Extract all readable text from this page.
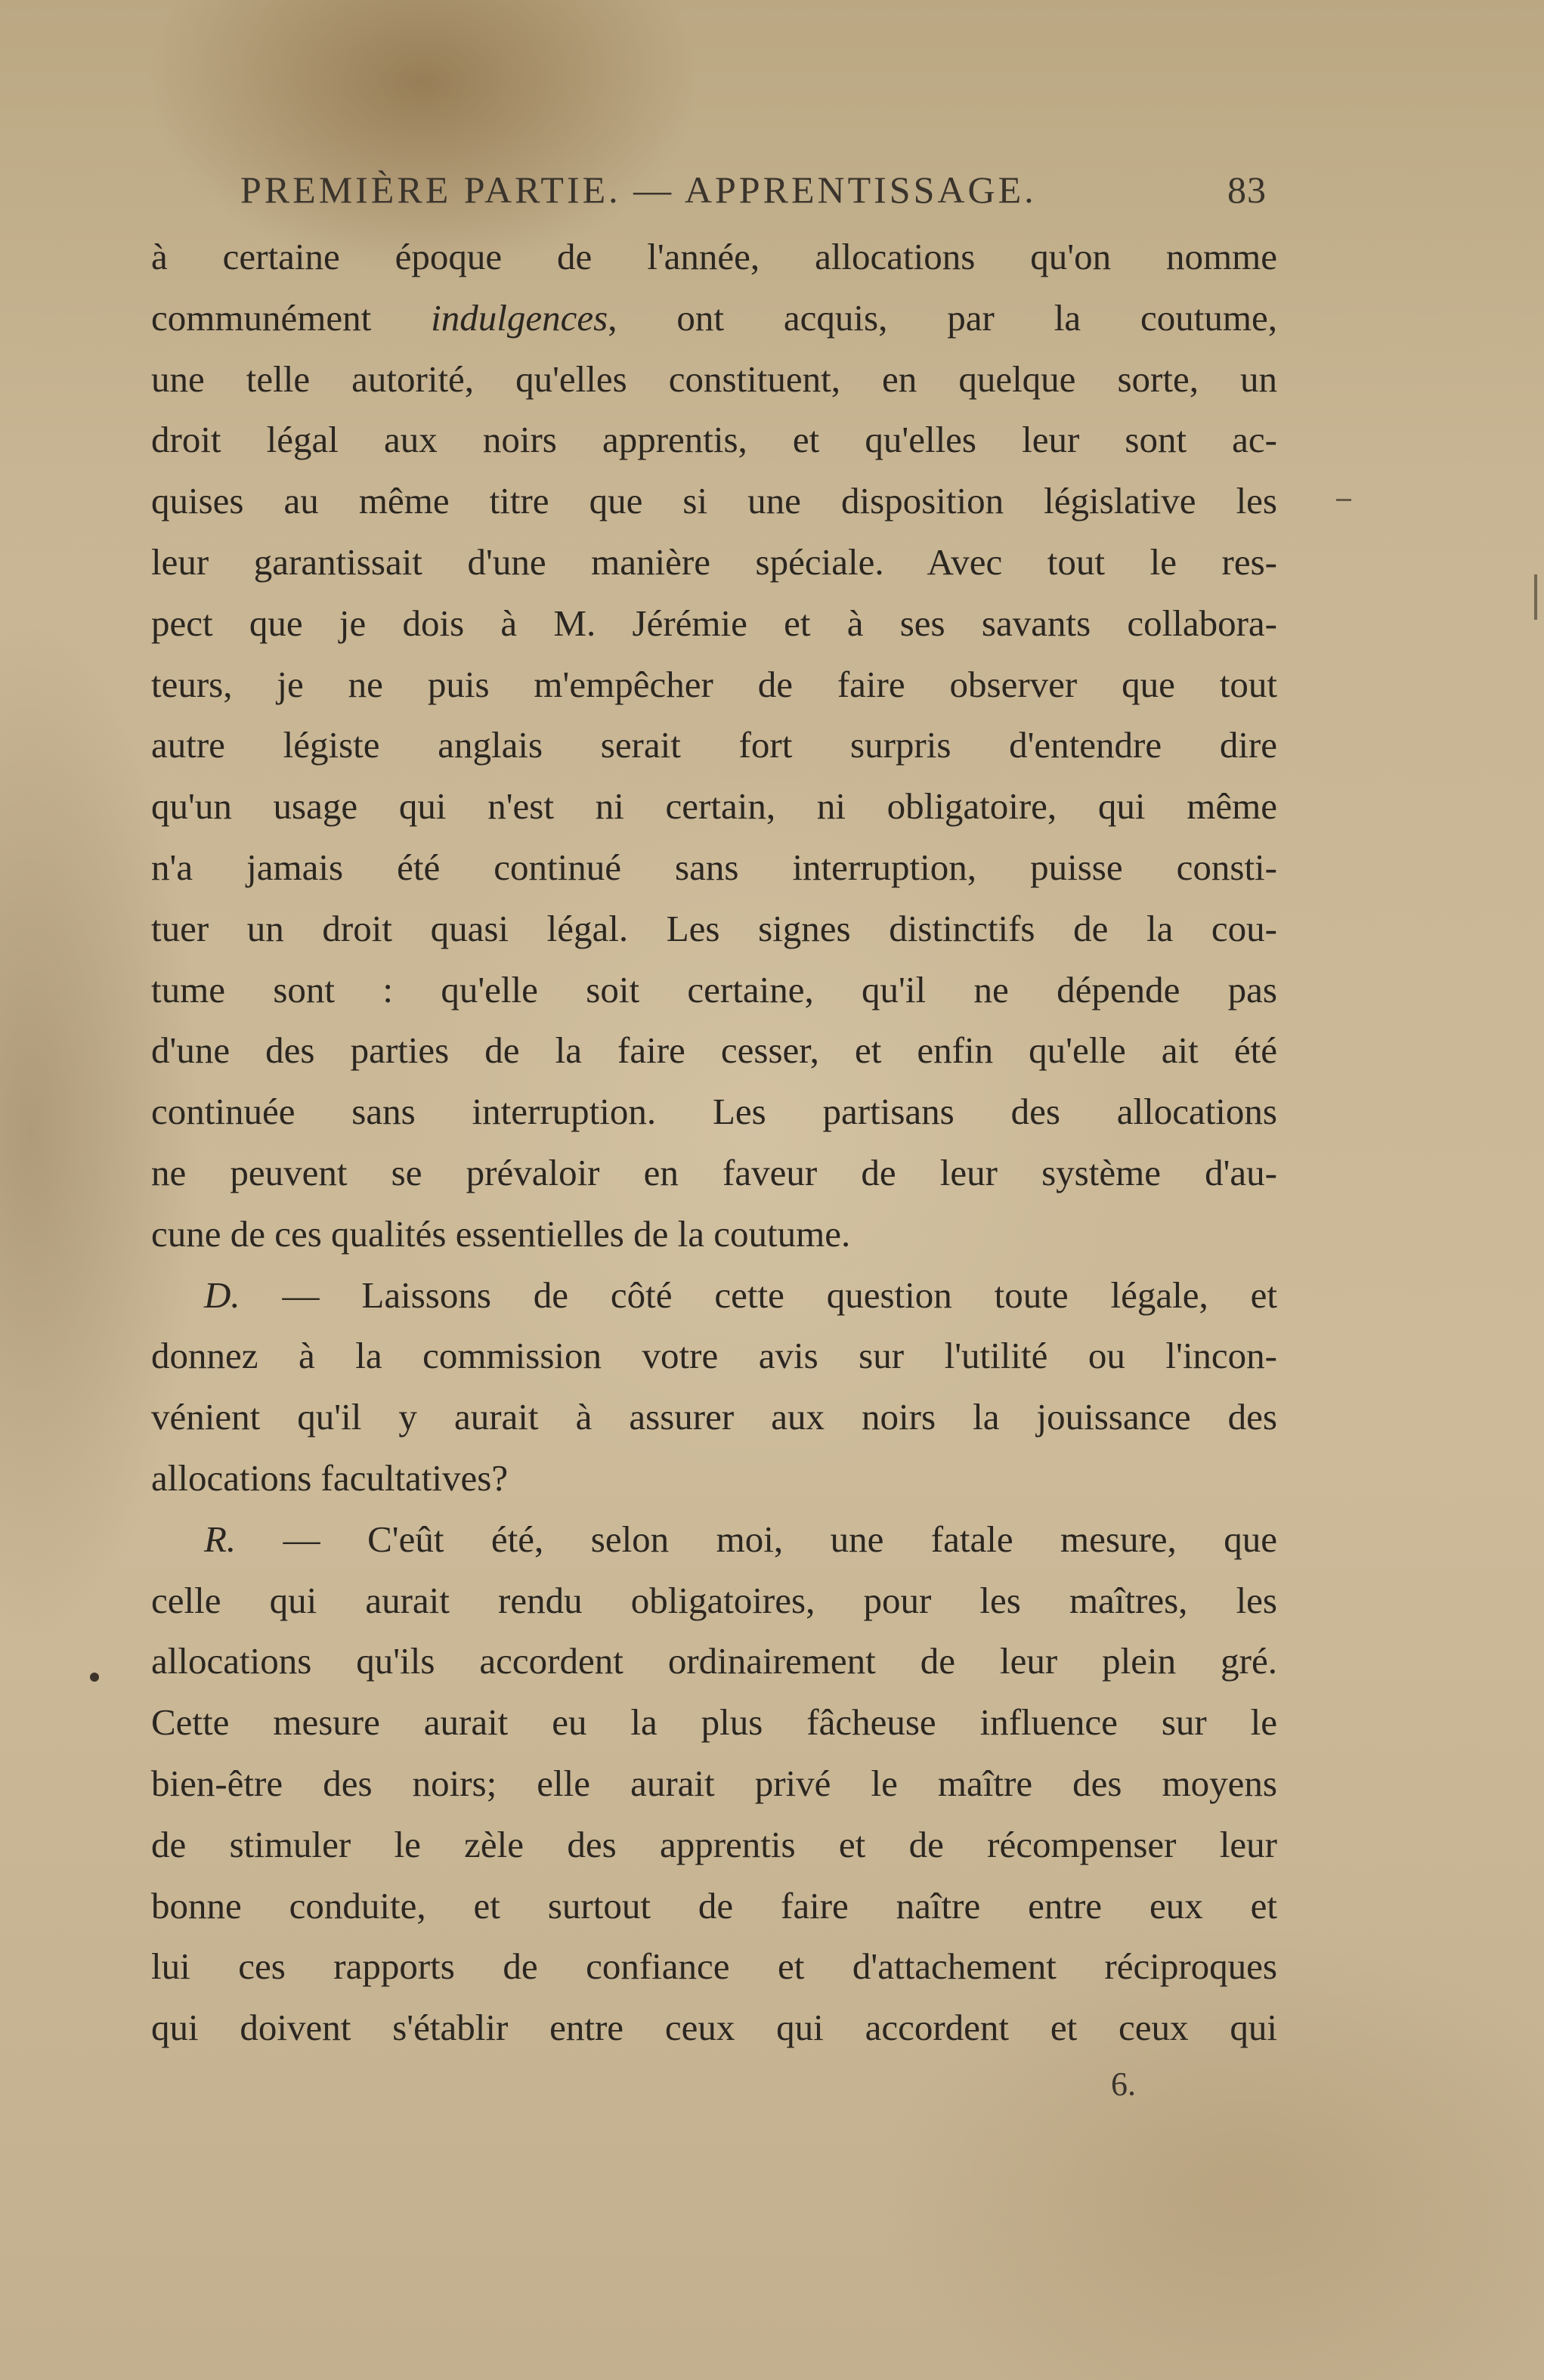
PREMIÈRE PARTIE. — APPRENTISSAGE.	83
à certaine époque de l'année, allocations qu'on nomme
communément indulgences, ont acquis, par la coutume,
une telle autorité, qu'elles constituent, en quelque sorte, un
droit légal aux noirs apprentis, et qu'elles leur sont ac-
quises au même titre que si une disposition législative les
leur garantissait d'une manière spéciale. Avec tout le res-
pect que je dois à M. Jérémie et à ses savants collabora-
teurs, je ne puis m'empêcher de faire observer que tout
autre légiste anglais serait fort surpris d'entendre dire
qu'un usage qui n'est ni certain, ni obligatoire, qui même
n'a jamais été continué sans interruption, puisse consti-
tuer un droit quasi légal. Les signes distinctifs de la cou-
tume sont : qu'elle soit certaine, qu'il ne dépende pas
d'une des parties de la faire cesser, et enfin qu'elle ait été
continuée sans interruption. Les partisans des allocations
ne peuvent se prévaloir en faveur de leur système d'au-
cune de ces qualités essentielles de la coutume.
D. — Laissons de côté cette question toute légale, et
donnez à la commission votre avis sur l'utilité ou l'incon-
vénient qu'il y aurait à assurer aux noirs la jouissance des
allocations facultatives?
R. — C'eût été, selon moi, une fatale mesure, que
celle qui aurait rendu obligatoires, pour les maîtres, les
allocations qu'ils accordent ordinairement de leur plein gré.
Cette mesure aurait eu la plus fâcheuse influence sur le
bien-être des noirs; elle aurait privé le maître des moyens
de stimuler le zèle des apprentis et de récompenser leur
bonne conduite, et surtout de faire naître entre eux et
lui ces rapports de confiance et d'attachement réciproques
qui doivent s'établir entre ceux qui accordent et ceux qui
6.
